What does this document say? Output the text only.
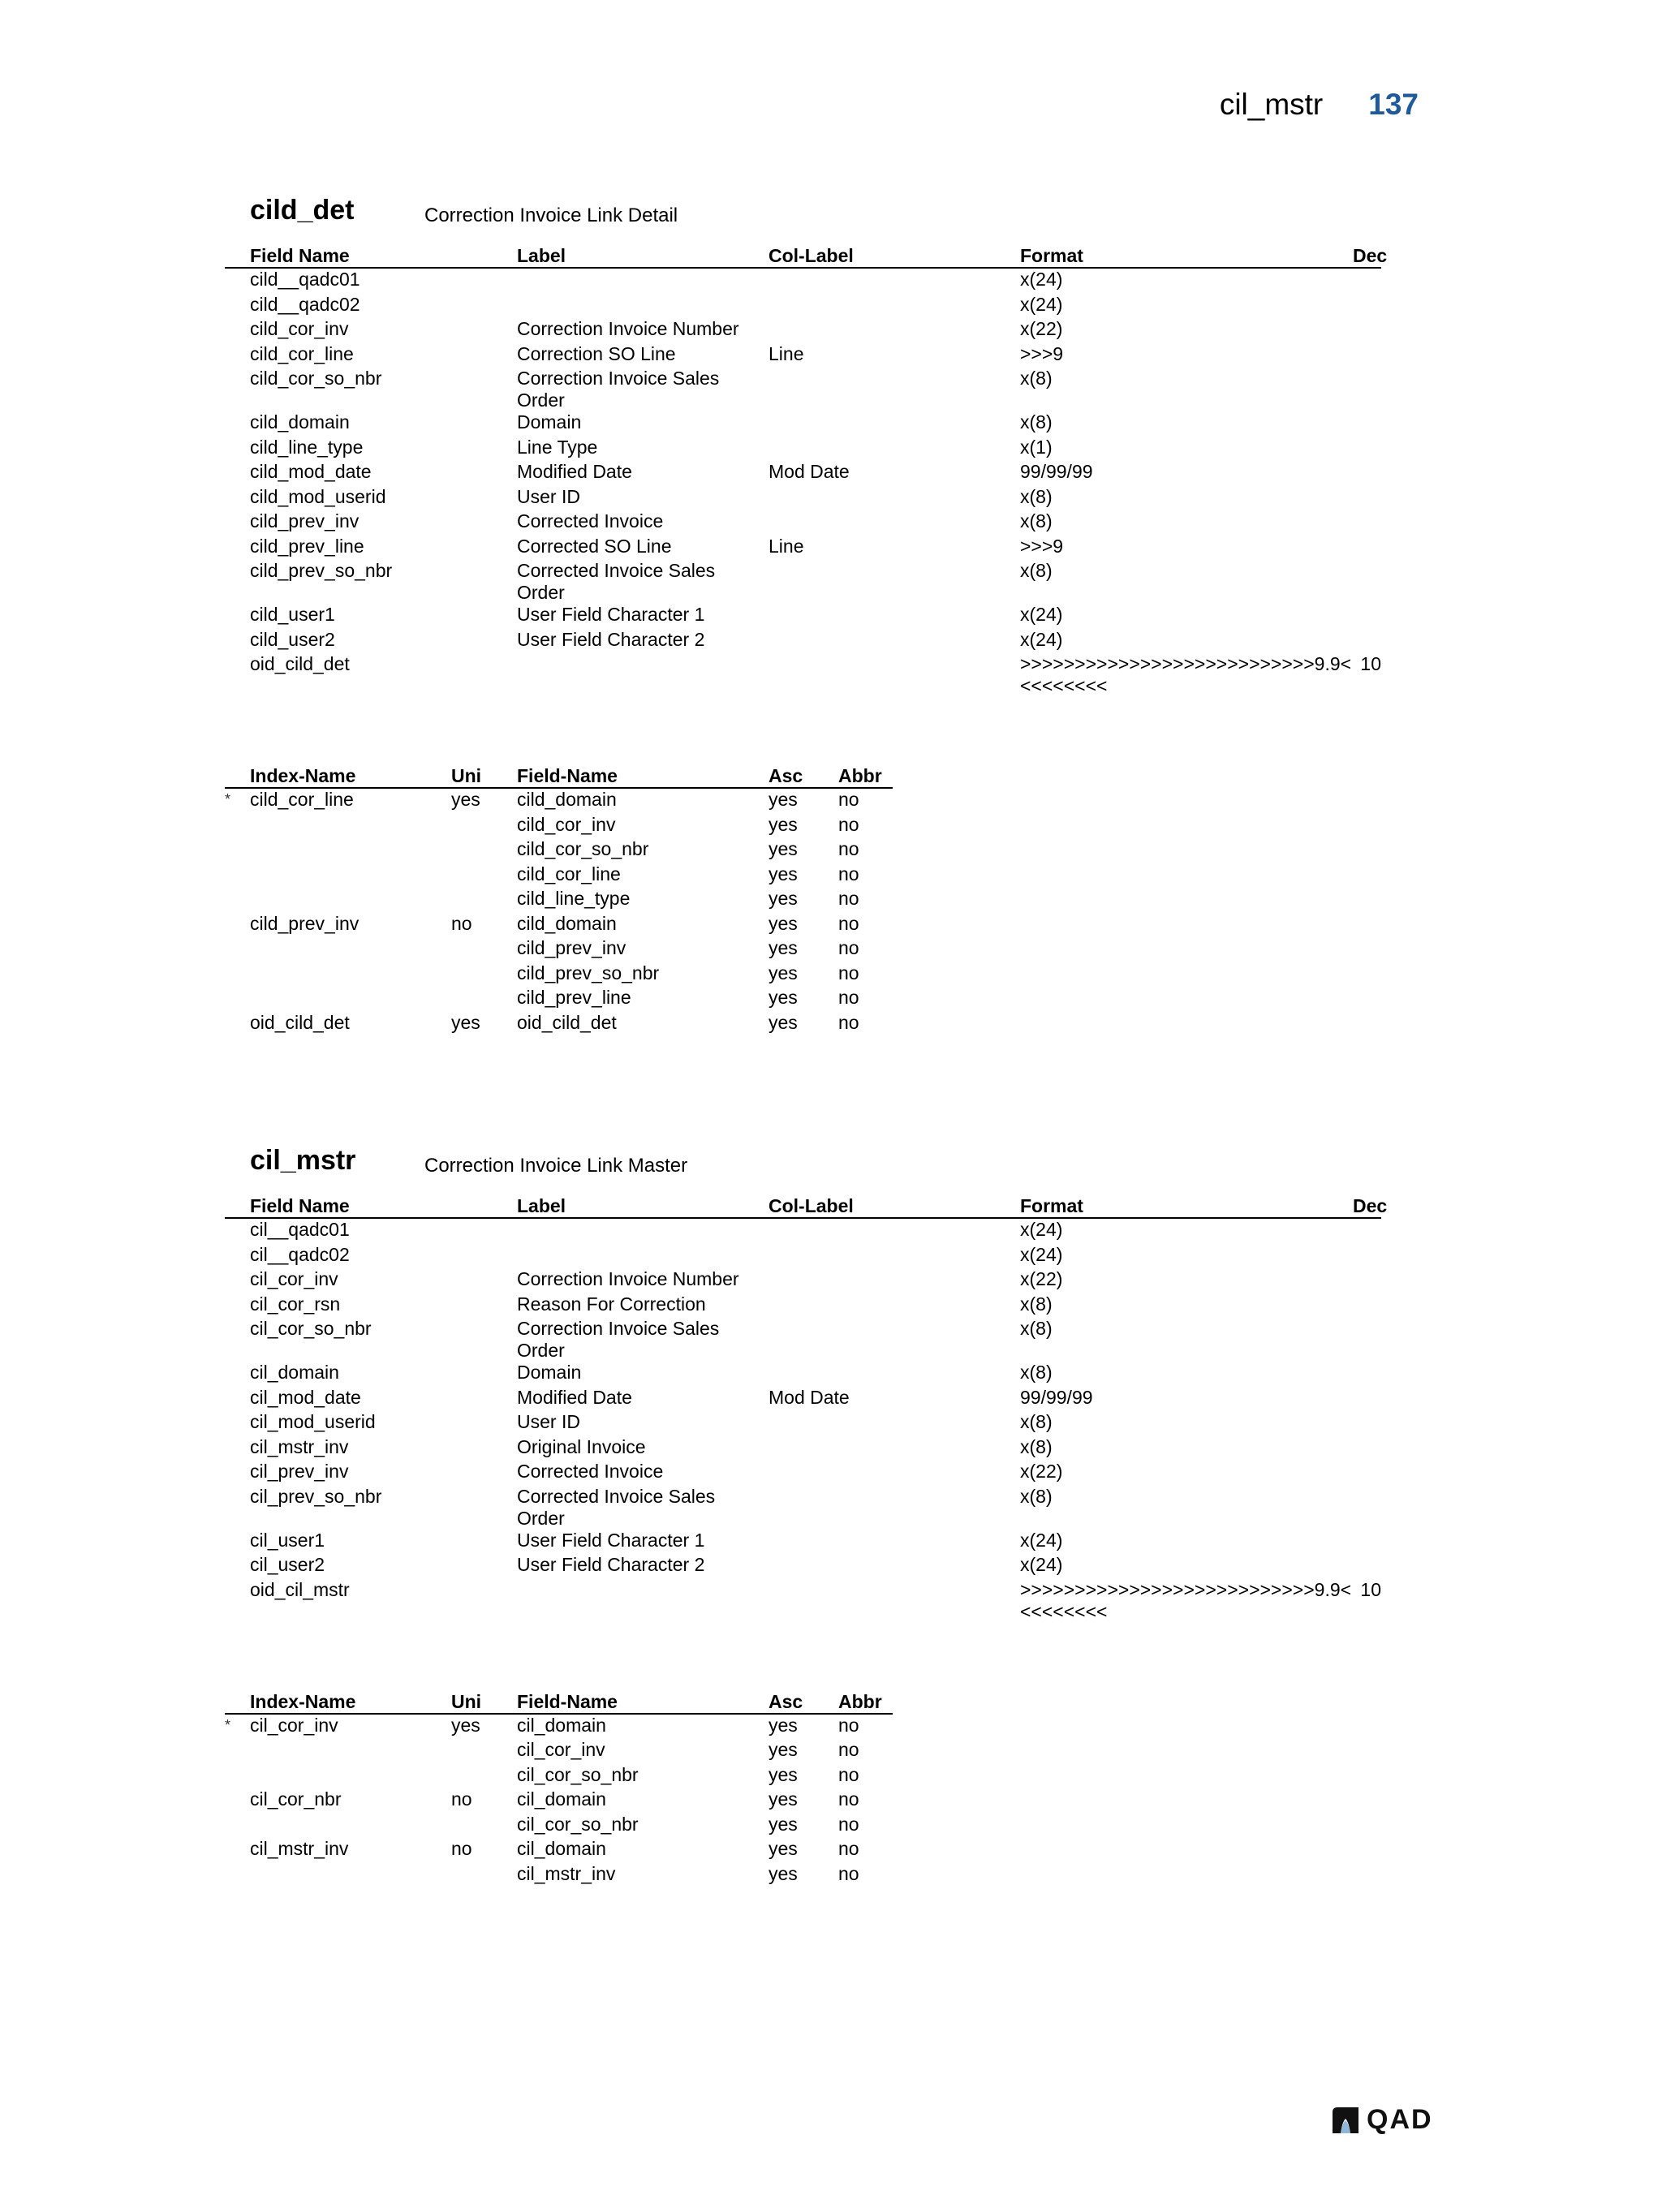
cil_mstr 137
cild_det	Correction Invoice Link Detail
	Field Name	Label	Col-Label	Format	Dec
	cild__qadc01			x(24)	
	cild__qadc02			x(24)	
	cild_cor_inv	Correction Invoice Number		x(22)	
	cild_cor_line	Correction SO Line	Line	>>>9	
	cild_cor_so_nbr	Correction Invoice Sales Order		x(8)	
	cild_domain	Domain		x(8)	
	cild_line_type	Line Type		x(1)	
	cild_mod_date	Modified Date	Mod Date	99/99/99	
	cild_mod_userid	User ID		x(8)	
	cild_prev_inv	Corrected Invoice		x(8)	
	cild_prev_line	Corrected SO Line	Line	>>>9	
	cild_prev_so_nbr	Corrected Invoice Sales Order		x(8)	
	cild_user1	User Field Character 1		x(24)	
	cild_user2	User Field Character 2		x(24)	
	oid_cild_det			>>>>>>>>>>>>>>>>>>>>>>>>>>>9.9<<<<<<<<<	10
	Index-Name	Uni	Field-Name	Asc	Abbr
*	cild_cor_line	yes	cild_domain	yes	no
			cild_cor_inv	yes	no
			cild_cor_so_nbr	yes	no
			cild_cor_line	yes	no
			cild_line_type	yes	no
	cild_prev_inv	no	cild_domain	yes	no
			cild_prev_inv	yes	no
			cild_prev_so_nbr	yes	no
			cild_prev_line	yes	no
	oid_cild_det	yes	oid_cild_det	yes	no
cil_mstr	Correction Invoice Link Master
	Field Name	Label	Col-Label	Format	Dec
	cil__qadc01			x(24)	
	cil__qadc02			x(24)	
	cil_cor_inv	Correction Invoice Number		x(22)	
	cil_cor_rsn	Reason For Correction		x(8)	
	cil_cor_so_nbr	Correction Invoice Sales Order		x(8)	
	cil_domain	Domain		x(8)	
	cil_mod_date	Modified Date	Mod Date	99/99/99	
	cil_mod_userid	User ID		x(8)	
	cil_mstr_inv	Original Invoice		x(8)	
	cil_prev_inv	Corrected Invoice		x(22)	
	cil_prev_so_nbr	Corrected Invoice Sales Order		x(8)	
	cil_user1	User Field Character 1		x(24)	
	cil_user2	User Field Character 2		x(24)	
	oid_cil_mstr			>>>>>>>>>>>>>>>>>>>>>>>>>>>9.9<<<<<<<<<	10
	Index-Name	Uni	Field-Name	Asc	Abbr
*	cil_cor_inv	yes	cil_domain	yes	no
			cil_cor_inv	yes	no
			cil_cor_so_nbr	yes	no
	cil_cor_nbr	no	cil_domain	yes	no
			cil_cor_so_nbr	yes	no
	cil_mstr_inv	no	cil_domain	yes	no
			cil_mstr_inv	yes	no
QAD
